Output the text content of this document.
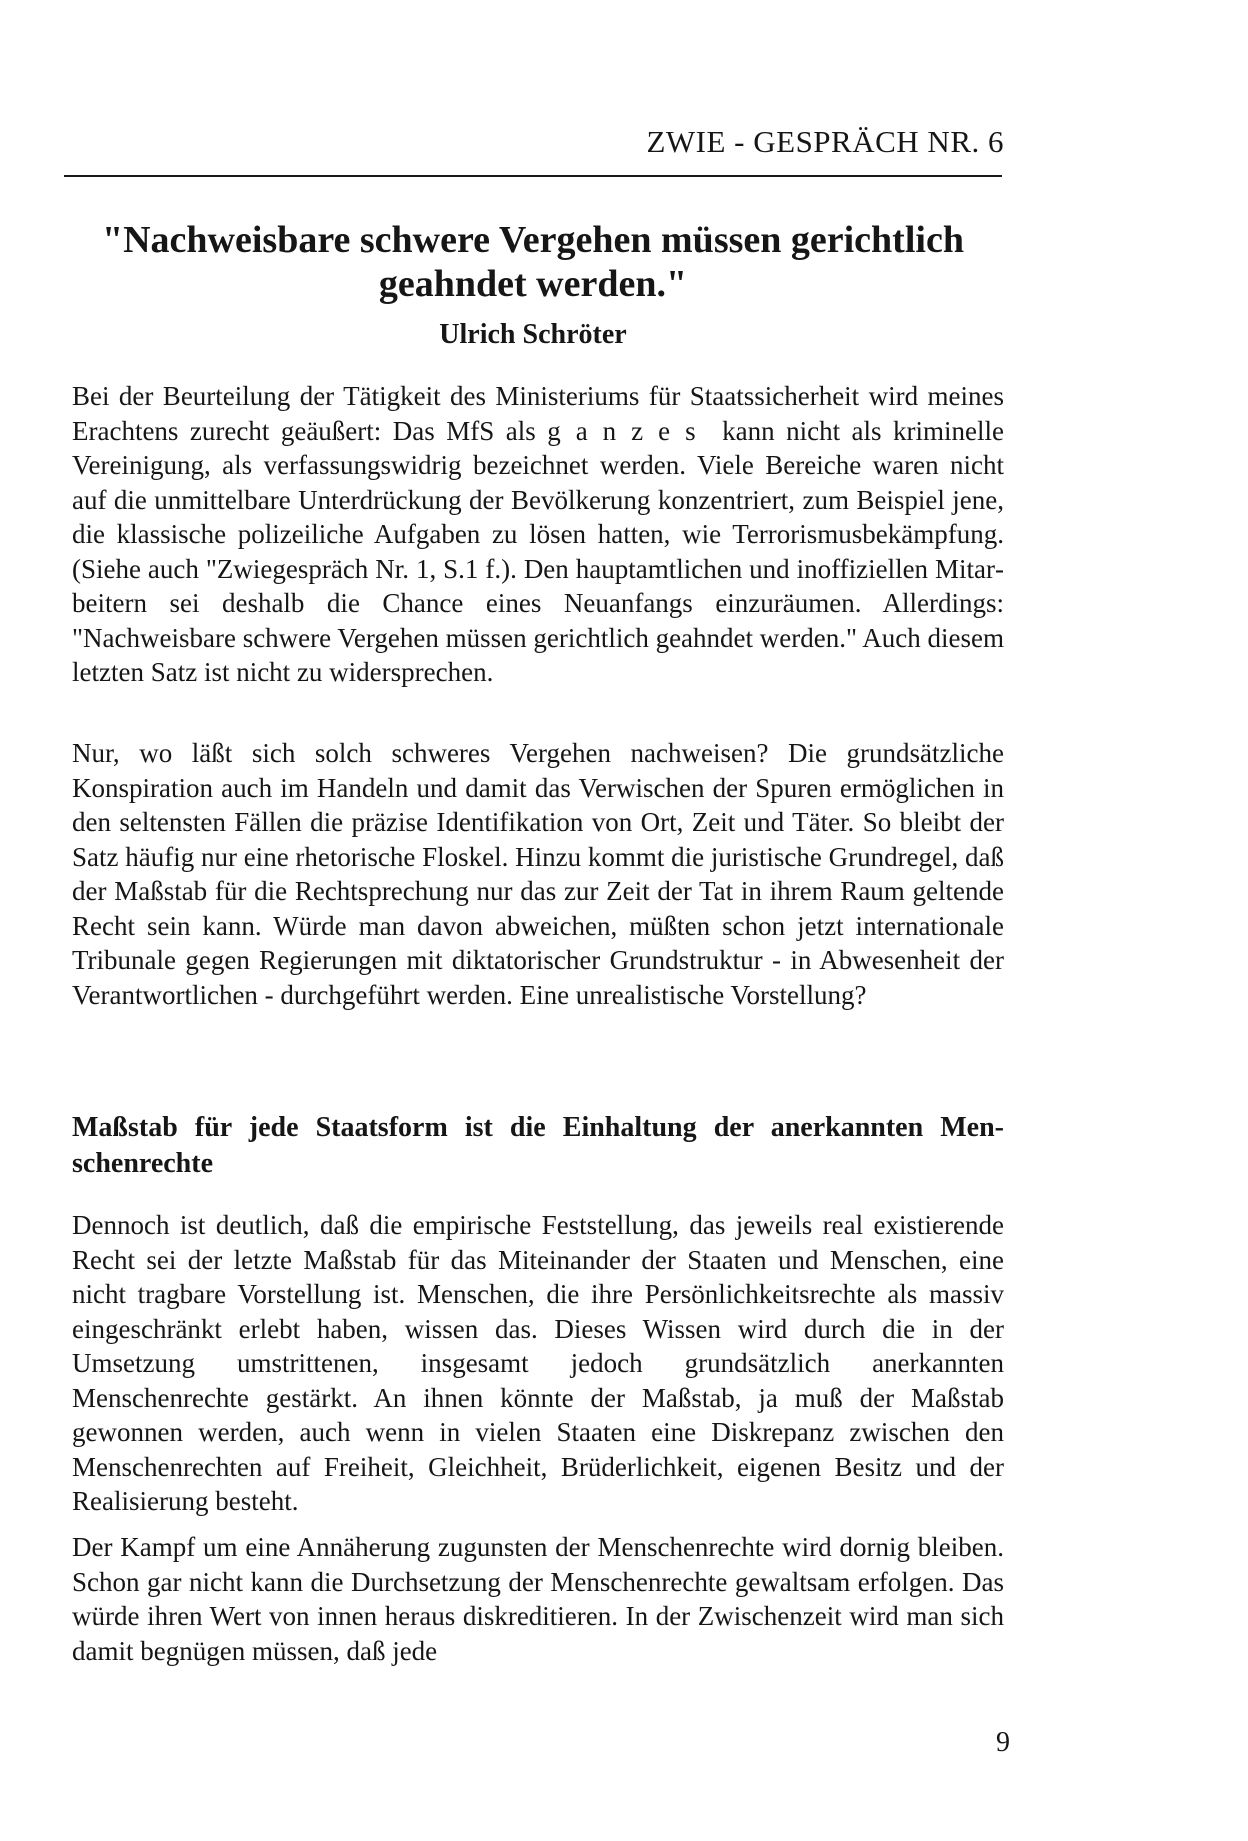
ZWIE - GESPRÄCH NR. 6
"Nachweisbare schwere Vergehen müssen gerichtlich geahndet werden."
Ulrich Schröter

Bei der Beurteilung der Tätigkeit des Ministeriums für Staatssicherheit wird meines Erachtens zurecht geäußert: Das MfS als ganzes kann nicht als kriminelle Vereinigung, als verfassungswidrig bezeichnet werden. Viele Bereiche waren nicht auf die unmittelbare Unterdrückung der Bevölkerung konzentriert, zum Beispiel jene, die klassische polizeiliche Aufgaben zu lösen hatten, wie Terrorismusbekämpfung. (Siehe auch "Zwiegespräch Nr. 1, S.1 f.). Den hauptamtlichen und inoffiziellen Mitarbeitern sei deshalb die Chance eines Neuanfangs einzuräumen. Allerdings: "Nachweisbare schwere Vergehen müssen gerichtlich geahndet werden." Auch diesem letzten Satz ist nicht zu widersprechen.

Nur, wo läßt sich solch schweres Vergehen nachweisen? Die grundsätzliche Konspiration auch im Handeln und damit das Verwischen der Spuren ermöglichen in den seltensten Fällen die präzise Identifikation von Ort, Zeit und Täter. So bleibt der Satz häufig nur eine rhetorische Floskel. Hinzu kommt die juristische Grundregel, daß der Maßstab für die Rechtsprechung nur das zur Zeit der Tat in ihrem Raum geltende Recht sein kann. Würde man davon abweichen, müßten schon jetzt internationale Tribunale gegen Regierungen mit diktatorischer Grundstruktur - in Abwesenheit der Verantwortlichen - durchgeführt werden. Eine unrealistische Vorstellung?

Maßstab für jede Staatsform ist die Einhaltung der anerkannten Menschenrechte

Dennoch ist deutlich, daß die empirische Feststellung, das jeweils real existierende Recht sei der letzte Maßstab für das Miteinander der Staaten und Menschen, eine nicht tragbare Vorstellung ist. Menschen, die ihre Persönlichkeitsrechte als massiv eingeschränkt erlebt haben, wissen das. Dieses Wissen wird durch die in der Umsetzung umstrittenen, insgesamt jedoch grundsätzlich anerkannten Menschenrechte gestärkt. An ihnen könnte der Maßstab, ja muß der Maßstab gewonnen werden, auch wenn in vielen Staaten eine Diskrepanz zwischen den Menschenrechten auf Freiheit, Gleichheit, Brüderlichkeit, eigenen Besitz und der Realisierung besteht.

Der Kampf um eine Annäherung zugunsten der Menschenrechte wird dornig bleiben. Schon gar nicht kann die Durchsetzung der Menschenrechte gewaltsam erfolgen. Das würde ihren Wert von innen heraus diskreditieren. In der Zwischenzeit wird man sich damit begnügen müssen, daß jede

9
